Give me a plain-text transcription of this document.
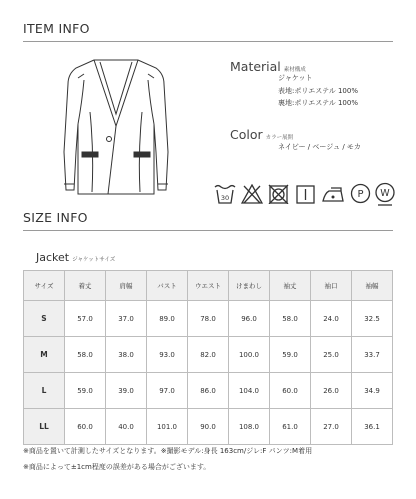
ITEM INFO
Material 素材構成
ジャケット
表地:ポリエステル 100%
裏地:ポリエステル 100%
Color カラー展開
ネイビー / ベージュ / モカ
30	P W
SIZE INFO
Jacket ジャケットサイズ
サイズ	着丈	肩幅	バスト	ウエスト	けまわし	袖丈	袖口	袖幅
S	57.0	37.0	89.0	78.0	96.0	58.0	24.0	32.5
M	58.0	38.0	93.0	82.0	100.0	59.0	25.0	33.7
L	59.0	39.0	97.0	86.0	104.0	60.0	26.0	34.9
LL	60.0	40.0	101.0	90.0	108.0	61.0	27.0	36.1
※商品を置いて計測したサイズとなります。※撮影モデル:身長 163cm/ジレ:F パンツ:M着用
※商品によって±1cm程度の誤差がある場合がございます。
